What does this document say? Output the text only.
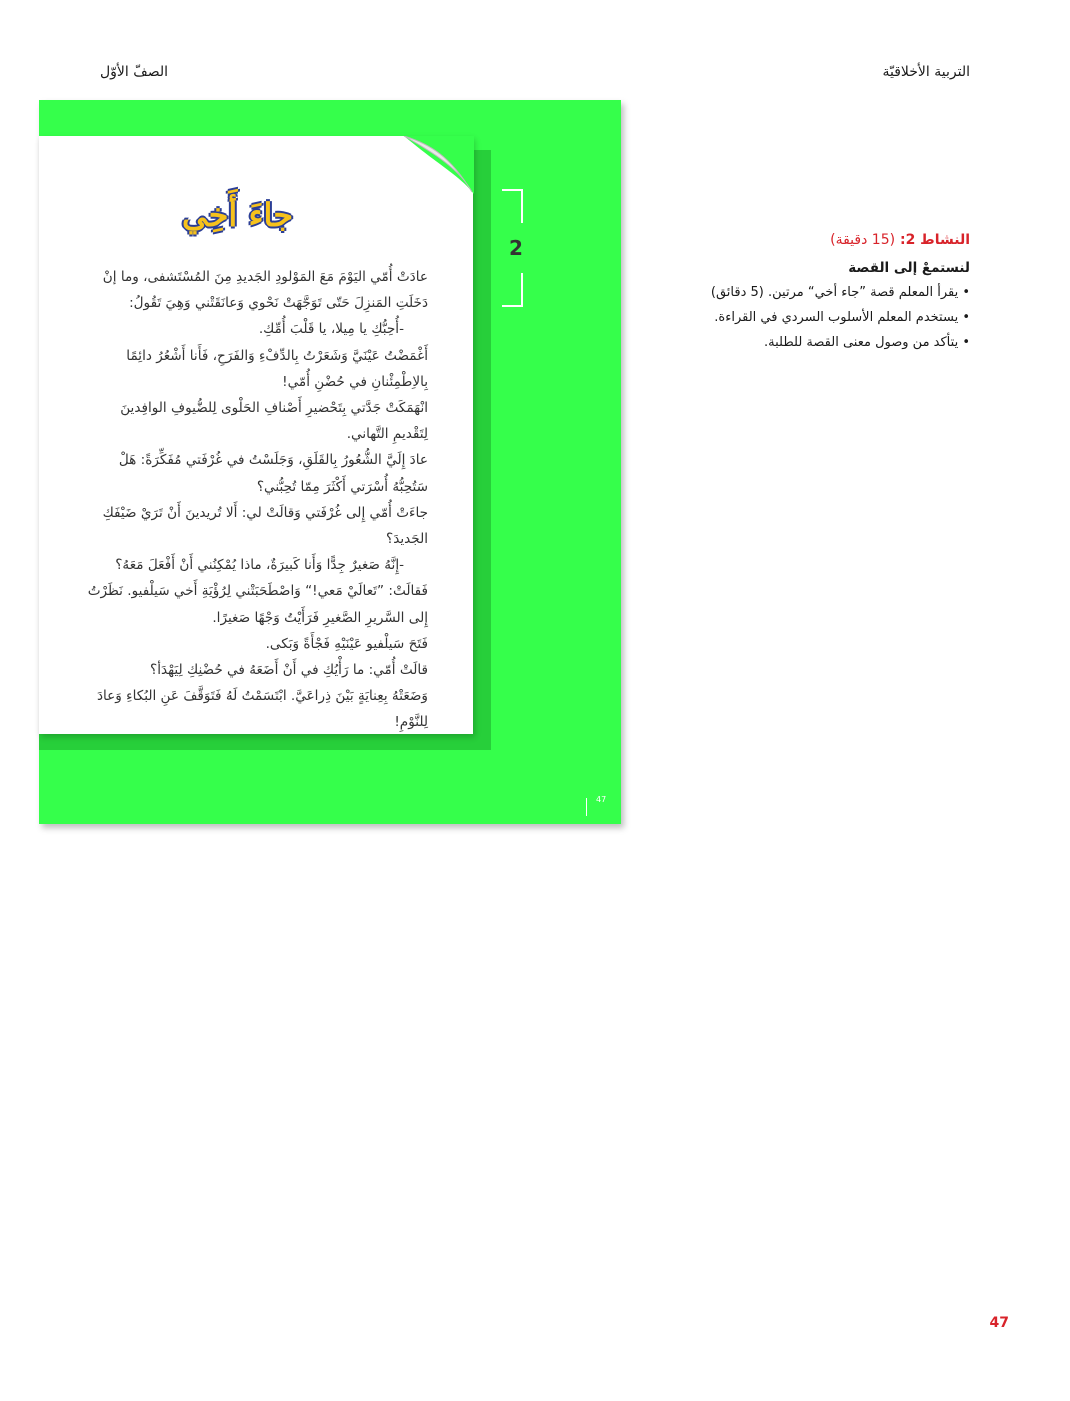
التربية الأخلاقيّة
الصفّ الأوّل
جاءَ أَخِي

عادَتْ أُمّي اليَوْمَ مَعَ المَوْلودِ الجَديدِ مِنَ المُسْتَشفى، وما إنْ دَخَلَتِ المَنزِلَ حَتّى تَوَجَّهَتْ نَحْوي وَعانَقَتْني وَهِيَ تَقُولُ:

-أُحِبُّكِ يا مِيلا، يا قَلْبَ أُمِّكِ.

أَغْمَضْتُ عَيْنَيَّ وَشَعَرْتُ بِالدِّفْءِ وَالفَرَحِ، فَأَنا أَشْعُرُ دائِمًا بِالاِطْمِئْنانِ في حُضْنِ أُمّي!

انْهَمَكَتْ جَدَّتي بِتَحْضيرِ أَصْنافِ الحَلْوى لِلضُّيوفِ الوافِدينَ لِتَقْديمِ التَّهاني.

عادَ إِلَيَّ الشُّعُورُ بِالقَلَقِ، وَجَلَسْتُ في غُرْفَتي مُفَكِّرَةً: هَلْ سَتُحِبُّهُ أُسْرَتي أَكْثَرَ مِمّا تُحِبُّني؟

جاءَتْ أُمّي إِلى غُرْفَتي وَقالَتْ لي: أَلا تُريدينَ أَنْ تَرَيْ ضَيْفَكِ الجَديدَ؟

-إِنَّهُ صَغيرٌ جِدًّا وَأَنا كَبيرَةٌ، ماذا يُمْكِنُني أَنْ أَفْعَلَ مَعَهُ؟

فَقالَتْ: ”تَعالَيْ مَعي!“ وَاصْطَحَبَتْني لِرُؤْيَةِ أَخي سَيلْفيو. نَظَرْتُ إِلى السَّريرِ الصَّغيرِ فَرَأَيْتُ وَجْهًا صَغيرًا.

فَتَحَ سَيلْفيو عَيْنَيْهِ فَجْأَةً وَبَكى.

قالَتْ أُمّي: ما رَأْيُكِ في أَنْ أَضَعَهُ في حُضْنِكِ لِيَهْدَأ؟

وَضَعَتْهُ بِعِنايَةٍ بَيْنَ ذِراعَيَّ. ابْتَسَمْتُ لَهُ فَتَوَقَّفَ عَنِ البُكاءِ وَعادَ لِلنَّوْمِ!

2
47

النشاط 2: (15 دقيقة)

لنستمعْ إلى القصة

• يقرأ المعلم قصة ”جاء أخي“ مرتين. (5 دقائق)
• يستخدم المعلم الأسلوب السردي في القراءة.
• يتأكد من وصول معنى القصة للطلبة.
47
